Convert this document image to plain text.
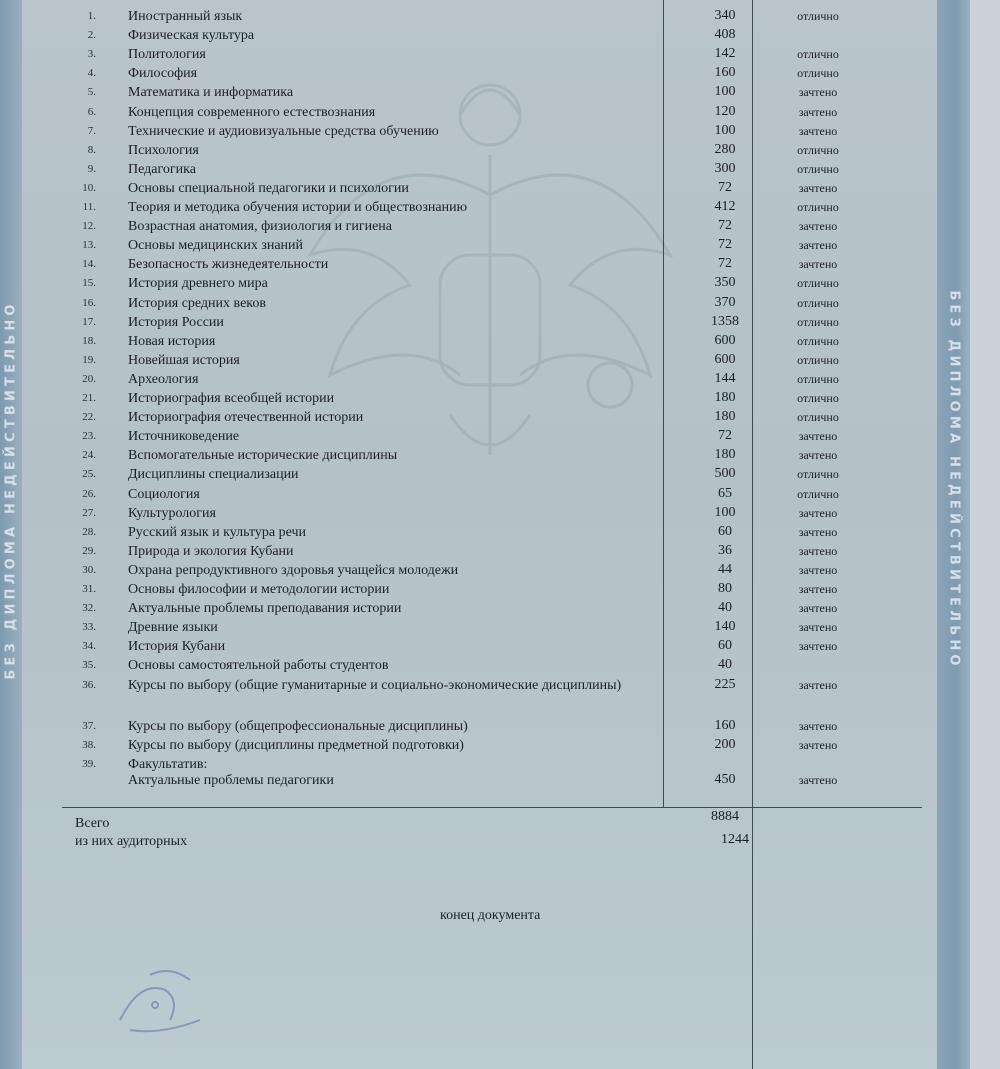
БЕЗ ДИПЛОМА НЕДЕЙСТВИТЕЛЬНО	БЕЗ ДИПЛОМА НЕДЕЙСТВИТЕЛЬНО
1. Иностранный язык	340	отлично
2. Физическая культура	408
3. Политология	142	отлично
4. Философия	160	отлично
5. Математика и информатика	100	зачтено
6. Концепция современного естествознания	120	зачтено
7. Технические и аудиовизуальные средства обучению	100	зачтено
8. Психология	280	отлично
9. Педагогика	300	отлично
10. Основы специальной педагогики и психологии	72	зачтено
11. Теория и методика обучения истории и обществознанию	412	отлично
12. Возрастная анатомия, физиология и гигиена	72	зачтено
13. Основы медицинских знаний	72	зачтено
14. Безопасность жизнедеятельности	72	зачтено
15. История древнего мира	350	отлично
16. История средних веков	370	отлично
17. История России	1358	отлично
18. Новая история	600	отлично
19. Новейшая история	600	отлично
20. Археология	144	отлично
21. Историография всеобщей истории	180	отлично
22. Историография отечественной истории	180	отлично
23. Источниковедение	72	зачтено
24. Вспомогательные исторические дисциплины	180	зачтено
25. Дисциплины специализации	500	отлично
26. Социология	65	отлично
27. Культурология	100	зачтено
28. Русский язык и культура речи	60	зачтено
29. Природа и экология Кубани	36	зачтено
30. Охрана репродуктивного здоровья учащейся молодежи	44	зачтено
31. Основы философии и методологии истории	80	зачтено
32. Актуальные проблемы преподавания истории	40	зачтено
33. Древние языки	140	зачтено
34. История Кубани	60	зачтено
35. Основы самостоятельной работы студентов	40
36. Курсы по выбору (общие гуманитарные и социально-экономические дисциплины)	225	зачтено
37. Курсы по выбору (общепрофессиональные дисциплины)	160	зачтено
38. Курсы по выбору (дисциплины предметной подготовки)	200	зачтено
39. Факультатив:
Актуальные проблемы педагогики	450	зачтено
Всего	8884
из них аудиторных	1244
конец документа
